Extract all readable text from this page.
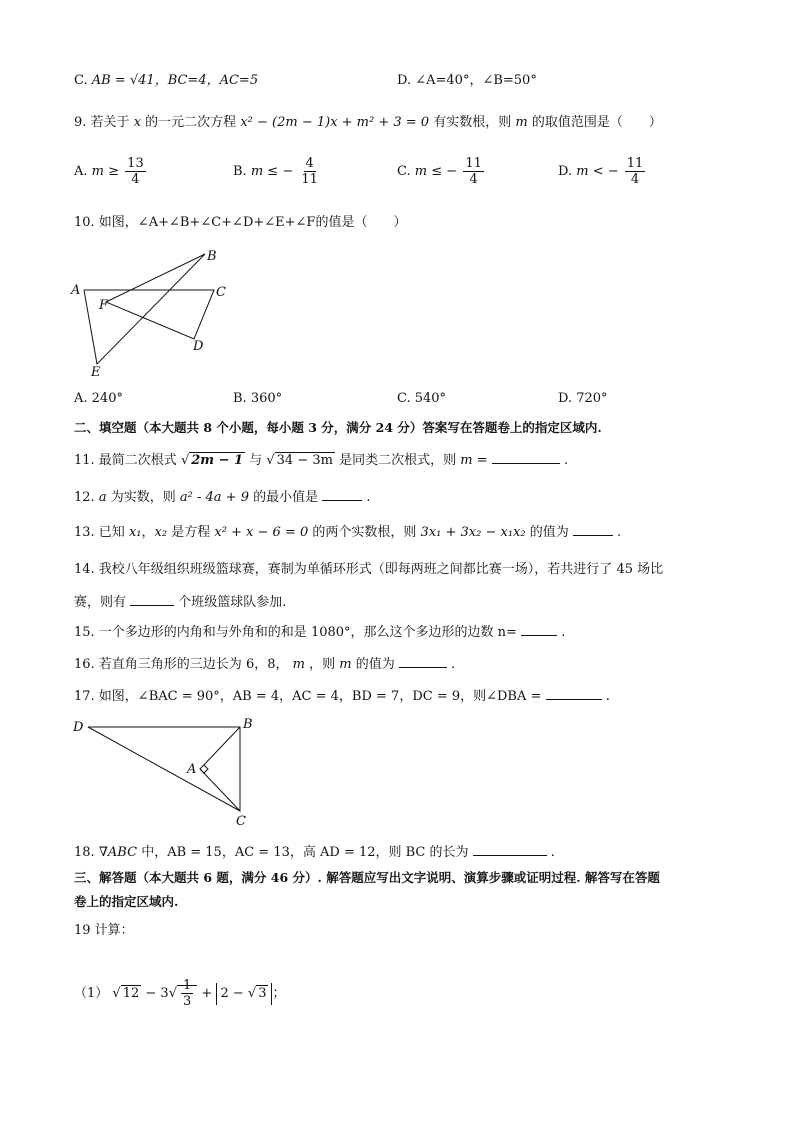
C. AB = √41，BC=4，AC=5	D. ∠A=40°，∠B=50°
9. 若关于 x 的一元二次方程 x² − (2m − 1)x + m² + 3 = 0 有实数根，则 m 的取值范围是（　　）
A. $m \ge \frac{13}{4}$	B. m ≤ − $\frac{4}{11}$	C. m ≤ − $\frac{11}{4}$	D. m < − $\frac{11}{4}$
10. 如图，∠A+∠B+∠C+∠D+∠E+∠F的值是（　　）
A
B
C
D
E
F
A. 240°	B. 360°	C. 540°	D. 720°
二、填空题（本大题共 8 个小题，每小题 3 分，满分 24 分）答案写在答题卷上的指定区域内.
11. 最简二次根式 √ 2m − 1 与 √ 34 − 3m 是同类二次根式，则 m =	.
12. a 为实数，则 a² - 4a + 9 的最小值是	.
13. 已知 x₁，x₂ 是方程 x² + x − 6 = 0 的两个实数根，则 3x₁ + 3x₂ − x₁x₂ 的值为	.
14. 我校八年级组织班级篮球赛，赛制为单循环形式（即每两班之间都比赛一场），若共进行了 45 场比
赛，则有	个班级篮球队参加.
15. 一个多边形的内角和与外角和的和是 1080°，那么这个多边形的边数 n=	.
16. 若直角三角形的三边长为 6，8， m ，则 m 的值为	.
17. 如图，∠BAC = 90°，AB = 4，AC = 4，BD = 7，DC = 9，则∠DBA =	.
D	B
A
C
18. ∇ABC 中，AB = 15，AC = 13，高 AD = 12，则 BC 的长为	.
三、解答题（本大题共 6 题，满分 46 分）. 解答题应写出文字说明、演算步骤或证明过程. 解答写在答题
卷上的指定区域内.
19 计算：
（1） √ $12 - 3√ \frac{1}{3} + 2$ − √ 3 ；
